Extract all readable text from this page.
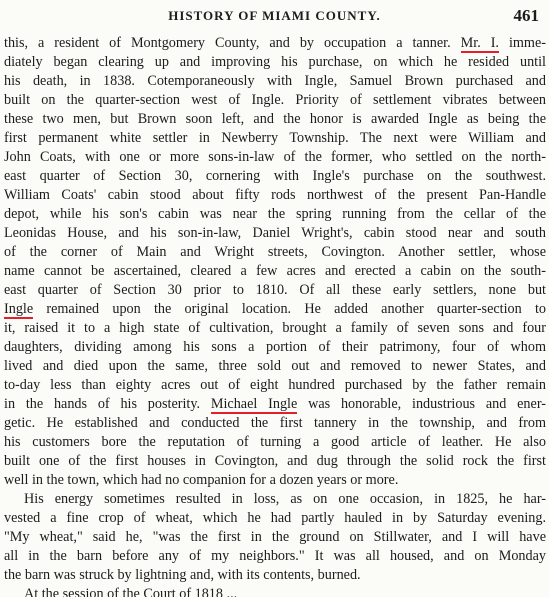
HISTORY OF MIAMI COUNTY.	461
this, a resident of Montgomery County, and by occupation a tanner. Mr. I. imme-
diately began clearing up and improving his purchase, on which he resided until
his death, in 1838. Cotemporaneously with Ingle, Samuel Brown purchased and
built on the quarter-section west of Ingle. Priority of settlement vibrates between
these two men, but Brown soon left, and the honor is awarded Ingle as being the
first permanent white settler in Newberry Township. The next were William and
John Coats, with one or more sons-in-law of the former, who settled on the north-
east quarter of Section 30, cornering with Ingle's purchase on the southwest.
William Coats' cabin stood about fifty rods northwest of the present Pan-Handle
depot, while his son's cabin was near the spring running from the cellar of the
Leonidas House, and his son-in-law, Daniel Wright's, cabin stood near and south
of the corner of Main and Wright streets, Covington. Another settler, whose
name cannot be ascertained, cleared a few acres and erected a cabin on the south-
east quarter of Section 30 prior to 1810. Of all these early settlers, none but
Ingle remained upon the original location. He added another quarter-section to
it, raised it to a high state of cultivation, brought a family of seven sons and four
daughters, dividing among his sons a portion of their patrimony, four of whom
lived and died upon the same, three sold out and removed to newer States, and
to-day less than eighty acres out of eight hundred purchased by the father remain
in the hands of his posterity. Michael Ingle was honorable, industrious and ener-
getic. He established and conducted the first tannery in the township, and from
his customers bore the reputation of turning a good article of leather. He also
built one of the first houses in Covington, and dug through the solid rock the first
well in the town, which had no companion for a dozen years or more.
His energy sometimes resulted in loss, as on one occasion, in 1825, he har-
vested a fine crop of wheat, which he had partly hauled in by Saturday evening.
"My wheat," said he, "was the first in the ground on Stillwater, and I will have
all in the barn before any of my neighbors." It was all housed, and on Monday
the barn was struck by lightning and, with its contents, burned.
At the session of the Court of 1818 ...
